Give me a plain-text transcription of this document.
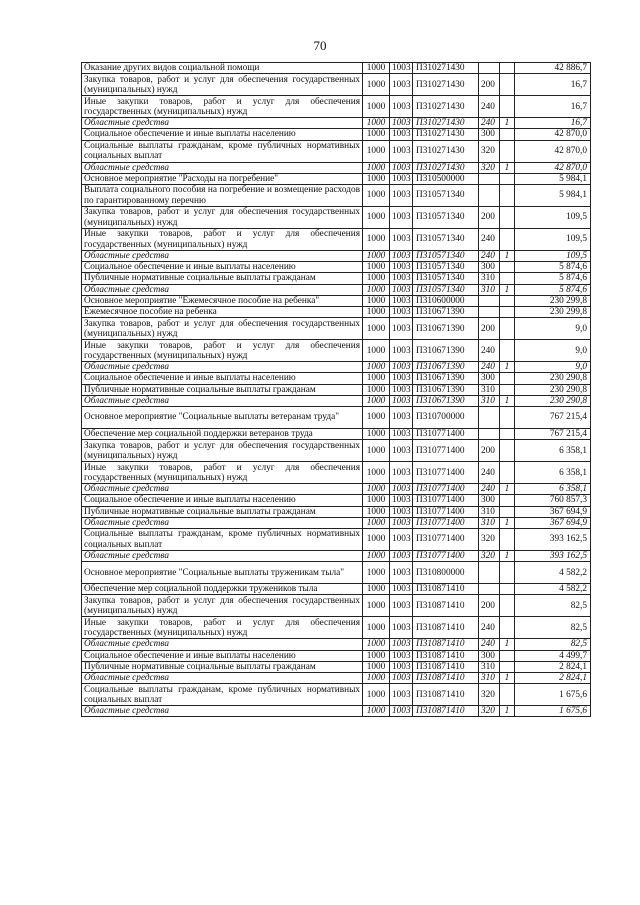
70
Оказание других видов социальной помощи	1000	1003	П310271430			42 886,7
Закупка товаров, работ и услуг для обеспечения государственных (муниципальных) нужд	1000	1003	П310271430	200		16,7
Иные закупки товаров, работ и услуг для обеспечения государственных (муниципальных) нужд	1000	1003	П310271430	240		16,7
Областные средства	1000	1003	П310271430	240	1	16,7
Социальное обеспечение и иные выплаты населению	1000	1003	П310271430	300		42 870,0
Социальные выплаты гражданам, кроме публичных нормативных социальных выплат	1000	1003	П310271430	320		42 870,0
Областные средства	1000	1003	П310271430	320	1	42 870,0
Основное мероприятие "Расходы на погребение"	1000	1003	П310500000			5 984,1
Выплата социального пособия на погребение и возмещение расходов по гарантированному перечню	1000	1003	П310571340			5 984,1
Закупка товаров, работ и услуг для обеспечения государственных (муниципальных) нужд	1000	1003	П310571340	200		109,5
Иные закупки товаров, работ и услуг для обеспечения государственных (муниципальных) нужд	1000	1003	П310571340	240		109,5
Областные средства	1000	1003	П310571340	240	1	109,5
Социальное обеспечение и иные выплаты населению	1000	1003	П310571340	300		5 874,6
Публичные нормативные социальные выплаты гражданам	1000	1003	П310571340	310		5 874,6
Областные средства	1000	1003	П310571340	310	1	5 874,6
Основное мероприятие "Ежемесячное пособие на ребенка"	1000	1003	П310600000			230 299,8
Ежемесячное пособие на ребенка	1000	1003	П310671390			230 299,8
Закупка товаров, работ и услуг для обеспечения государственных (муниципальных) нужд	1000	1003	П310671390	200		9,0
Иные закупки товаров, работ и услуг для обеспечения государственных (муниципальных) нужд	1000	1003	П310671390	240		9,0
Областные средства	1000	1003	П310671390	240	1	9,0
Социальное обеспечение и иные выплаты населению	1000	1003	П310671390	300		230 290,8
Публичные нормативные социальные выплаты гражданам	1000	1003	П310671390	310		230 290,8
Областные средства	1000	1003	П310671390	310	1	230 290,8
Основное мероприятие "Социальные выплаты ветеранам труда"	1000	1003	П310700000			767 215,4
Обеспечение мер социальной поддержки ветеранов труда	1000	1003	П310771400			767 215,4
Закупка товаров, работ и услуг для обеспечения государственных (муниципальных) нужд	1000	1003	П310771400	200		6 358,1
Иные закупки товаров, работ и услуг для обеспечения государственных (муниципальных) нужд	1000	1003	П310771400	240		6 358,1
Областные средства	1000	1003	П310771400	240	1	6 358,1
Социальное обеспечение и иные выплаты населению	1000	1003	П310771400	300		760 857,3
Публичные нормативные социальные выплаты гражданам	1000	1003	П310771400	310		367 694,9
Областные средства	1000	1003	П310771400	310	1	367 694,9
Социальные выплаты гражданам, кроме публичных нормативных социальных выплат	1000	1003	П310771400	320		393 162,5
Областные средства	1000	1003	П310771400	320	1	393 162,5
Основное мероприятие "Социальные выплаты труженикам тыла"	1000	1003	П310800000			4 582,2
Обеспечение мер социальной поддержки тружеников тыла	1000	1003	П310871410			4 582,2
Закупка товаров, работ и услуг для обеспечения государственных (муниципальных) нужд	1000	1003	П310871410	200		82,5
Иные закупки товаров, работ и услуг для обеспечения государственных (муниципальных) нужд	1000	1003	П310871410	240		82,5
Областные средства	1000	1003	П310871410	240	1	82,5
Социальное обеспечение и иные выплаты населению	1000	1003	П310871410	300		4 499,7
Публичные нормативные социальные выплаты гражданам	1000	1003	П310871410	310		2 824,1
Областные средства	1000	1003	П310871410	310	1	2 824,1
Социальные выплаты гражданам, кроме публичных нормативных социальных выплат	1000	1003	П310871410	320		1 675,6
Областные средства	1000	1003	П310871410	320	1	1 675,6
